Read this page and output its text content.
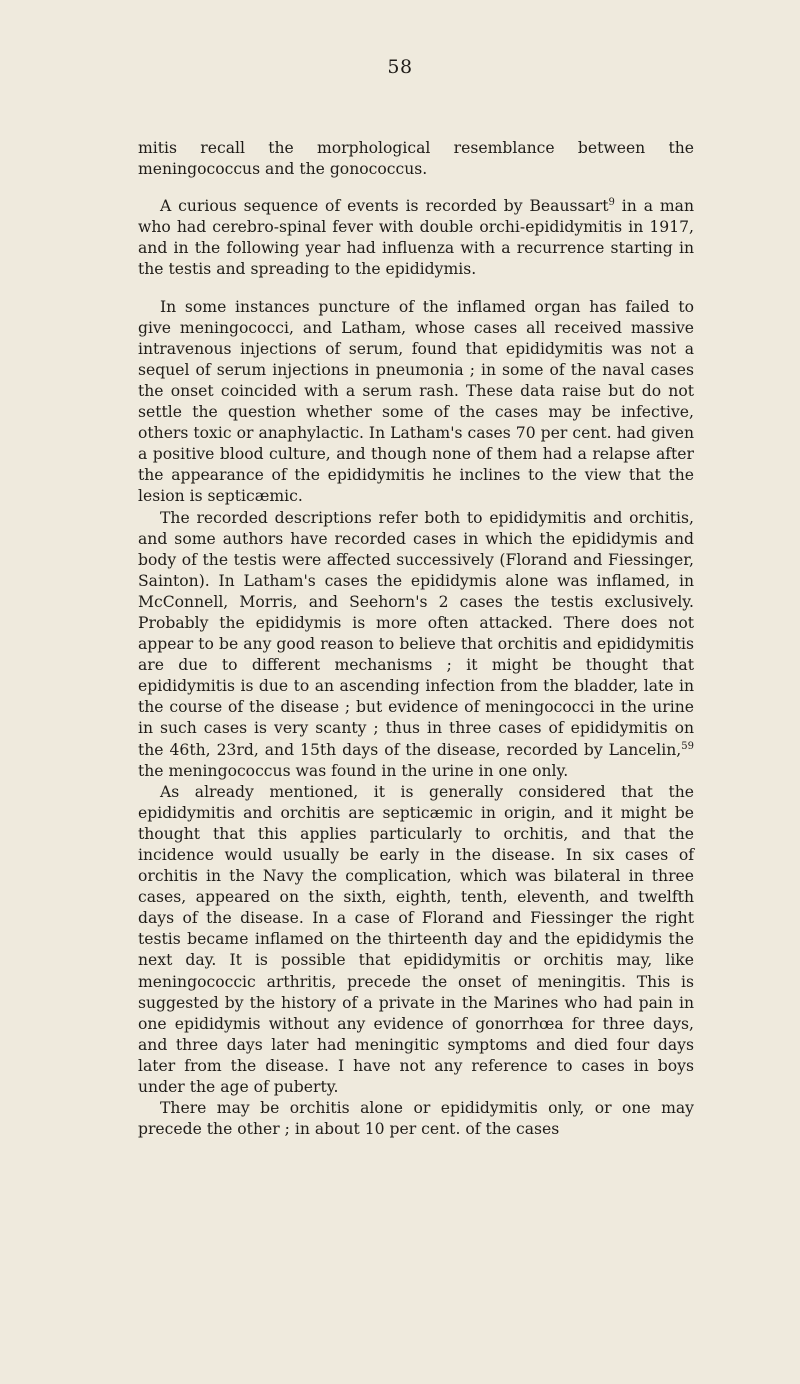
58

mitis recall the morphological resemblance between the meningococcus and the gonococcus.

A curious sequence of events is recorded by Beaussart$^9$ in a man who had cerebro-spinal fever with double orchi-epididymitis in 1917, and in the following year had influenza with a recurrence starting in the testis and spreading to the epididymis.

In some instances puncture of the inflamed organ has failed to give meningococci, and Latham, whose cases all received massive intravenous injections of serum, found that epididymitis was not a sequel of serum injections in pneumonia ; in some of the naval cases the onset coincided with a serum rash. These data raise but do not settle the question whether some of the cases may be infective, others toxic or anaphylactic. In Latham's cases 70 per cent. had given a positive blood culture, and though none of them had a relapse after the appearance of the epididymitis he inclines to the view that the lesion is septicæmic.

The recorded descriptions refer both to epididymitis and orchitis, and some authors have recorded cases in which the epididymis and body of the testis were affected successively (Florand and Fiessinger, Sainton). In Latham's cases the epididymis alone was inflamed, in McConnell, Morris, and Seehorn's 2 cases the testis exclusively. Probably the epididymis is more often attacked. There does not appear to be any good reason to believe that orchitis and epididymitis are due to different mechanisms ; it might be thought that epididymitis is due to an ascending infection from the bladder, late in the course of the disease ; but evidence of meningococci in the urine in such cases is very scanty ; thus in three cases of epididymitis on the 46th, 23rd, and 15th days of the disease, recorded by Lancelin,$^{59}$ the meningococcus was found in the urine in one only.

As already mentioned, it is generally considered that the epididymitis and orchitis are septicæmic in origin, and it might be thought that this applies particularly to orchitis, and that the incidence would usually be early in the disease. In six cases of orchitis in the Navy the complication, which was bilateral in three cases, appeared on the sixth, eighth, tenth, eleventh, and twelfth days of the disease. In a case of Florand and Fiessinger the right testis became inflamed on the thirteenth day and the epididymis the next day. It is possible that epididymitis or orchitis may, like meningococcic arthritis, precede the onset of meningitis. This is suggested by the history of a private in the Marines who had pain in one epididymis without any evidence of gonorrhœa for three days, and three days later had meningitic symptoms and died four days later from the disease. I have not any reference to cases in boys under the age of puberty.

There may be orchitis alone or epididymitis only, or one may precede the other ; in about 10 per cent. of the cases
